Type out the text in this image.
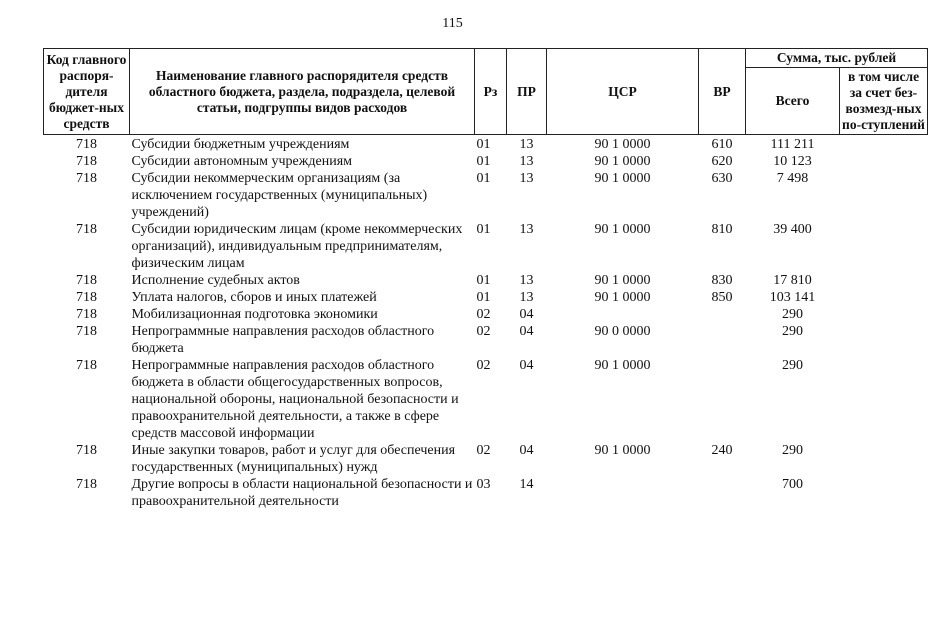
115
Код главного распоря-дителя бюджет-ных средств	Наименование главного распорядителя средств областного бюджета, раздела, подраздела, целевой статьи, подгруппы видов расходов	Рз	ПР	ЦСР	ВР	Сумма, тыс. рублей	
						Всего	в том числе за счет без-возмезд-ных по-ступлений
718	Субсидии бюджетным учреждениям	01	13	90 1 0000	610	111 211	
718	Субсидии автономным учреждениям	01	13	90 1 0000	620	10 123	
718	Субсидии некоммерческим организациям (за исключением государственных (муниципальных) учреждений)	01	13	90 1 0000	630	7 498	
718	Субсидии юридическим лицам (кроме некоммерческих организаций), индивидуальным предпринимателям, физическим лицам	01	13	90 1 0000	810	39 400	
718	Исполнение судебных актов	01	13	90 1 0000	830	17 810	
718	Уплата налогов, сборов и иных платежей	01	13	90 1 0000	850	103 141	
718	Мобилизационная подготовка экономики	02	04			290	
718	Непрограммные направления расходов областного бюджета	02	04	90 0 0000		290	
718	Непрограммные направления расходов областного бюджета в области общегосударственных вопросов, национальной обороны, национальной безопасности и правоохранительной деятельности, а также в сфере средств массовой информации	02	04	90 1 0000		290	
718	Иные закупки товаров, работ и услуг для обеспечения государственных (муниципальных) нужд	02	04	90 1 0000	240	290	
718	Другие вопросы в области национальной безопасности и правоохранительной деятельности	03	14			700	
